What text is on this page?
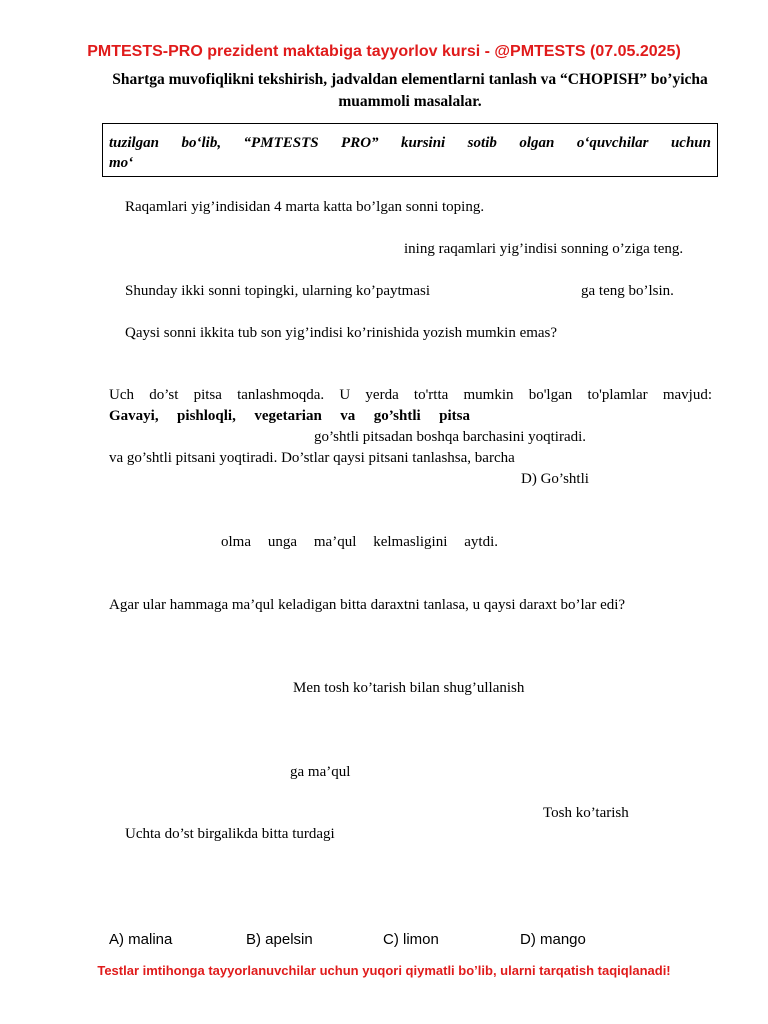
PMTESTS-PRO prezident maktabiga tayyorlov kursi - @PMTESTS (07.05.2025)
Shartga muvofiqlikni tekshirish, jadvaldan elementlarni tanlash va “CHOPISH” bo’yicha muammoli masalalar.
tuzilgan bo‘lib, “PMTESTS PRO” kursini sotib olgan o‘quvchilar uchun
mo‘
Raqamlari yig’indisidan 4 marta katta bo’lgan sonni toping.
ining raqamlari yig’indisi sonning o’ziga teng.
Shunday ikki sonni topingki, ularning ko’paytmasi	ga teng bo’lsin.
Qaysi sonni ikkita tub son yig’indisi ko’rinishida yozish mumkin emas?
Uch do’st pitsa tanlashmoqda. U yerda to'rtta mumkin bo'lgan to'plamlar mavjud:
Gavayi, pishloqli, vegetarian va go’shtli pitsa
go’shtli pitsadan boshqa barchasini yoqtiradi.
va go’shtli pitsani yoqtiradi. Do’stlar qaysi pitsani tanlashsa, barcha
D) Go’shtli
olma unga ma’qul kelmasligini aytdi.
Agar ular hammaga ma’qul keladigan bitta daraxtni tanlasa, u qaysi daraxt bo’lar edi?
Men tosh ko’tarish bilan shug’ullanish
ga ma’qul
Tosh ko’tarish
Uchta do’st birgalikda bitta turdagi
A) malina	B) apelsin	C) limon	D) mango
Testlar imtihonga tayyorlanuvchilar uchun yuqori qiymatli bo’lib, ularni tarqatish taqiqlanadi!
